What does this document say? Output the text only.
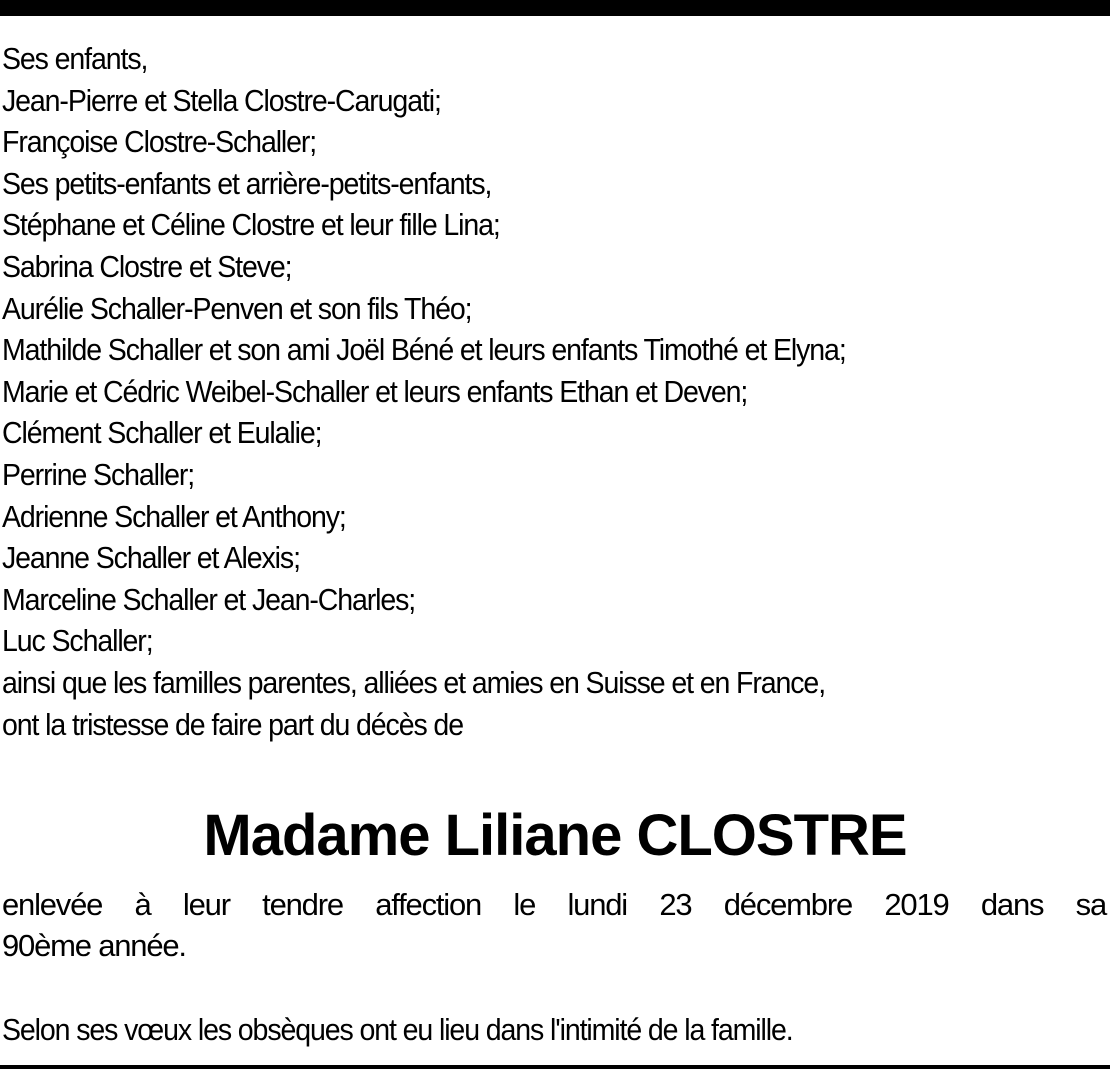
Ses enfants,
Jean-Pierre et Stella Clostre-Carugati;
Françoise Clostre-Schaller;
Ses petits-enfants et arrière-petits-enfants,
Stéphane et Céline Clostre et leur fille Lina;
Sabrina Clostre et Steve;
Aurélie Schaller-Penven et son fils Théo;
Mathilde Schaller et son ami Joël Béné et leurs enfants Timothé et Elyna;
Marie et Cédric Weibel-Schaller et leurs enfants Ethan et Deven;
Clément Schaller et Eulalie;
Perrine Schaller;
Adrienne Schaller et Anthony;
Jeanne Schaller et Alexis;
Marceline Schaller et Jean-Charles;
Luc Schaller;
ainsi que les familles parentes, alliées et amies en Suisse et en France,
ont la tristesse de faire part du décès de
Madame Liliane CLOSTRE
enlevée à leur tendre affection le lundi 23 décembre 2019 dans sa
90ème année.
Selon ses vœux les obsèques ont eu lieu dans l'intimité de la famille.
